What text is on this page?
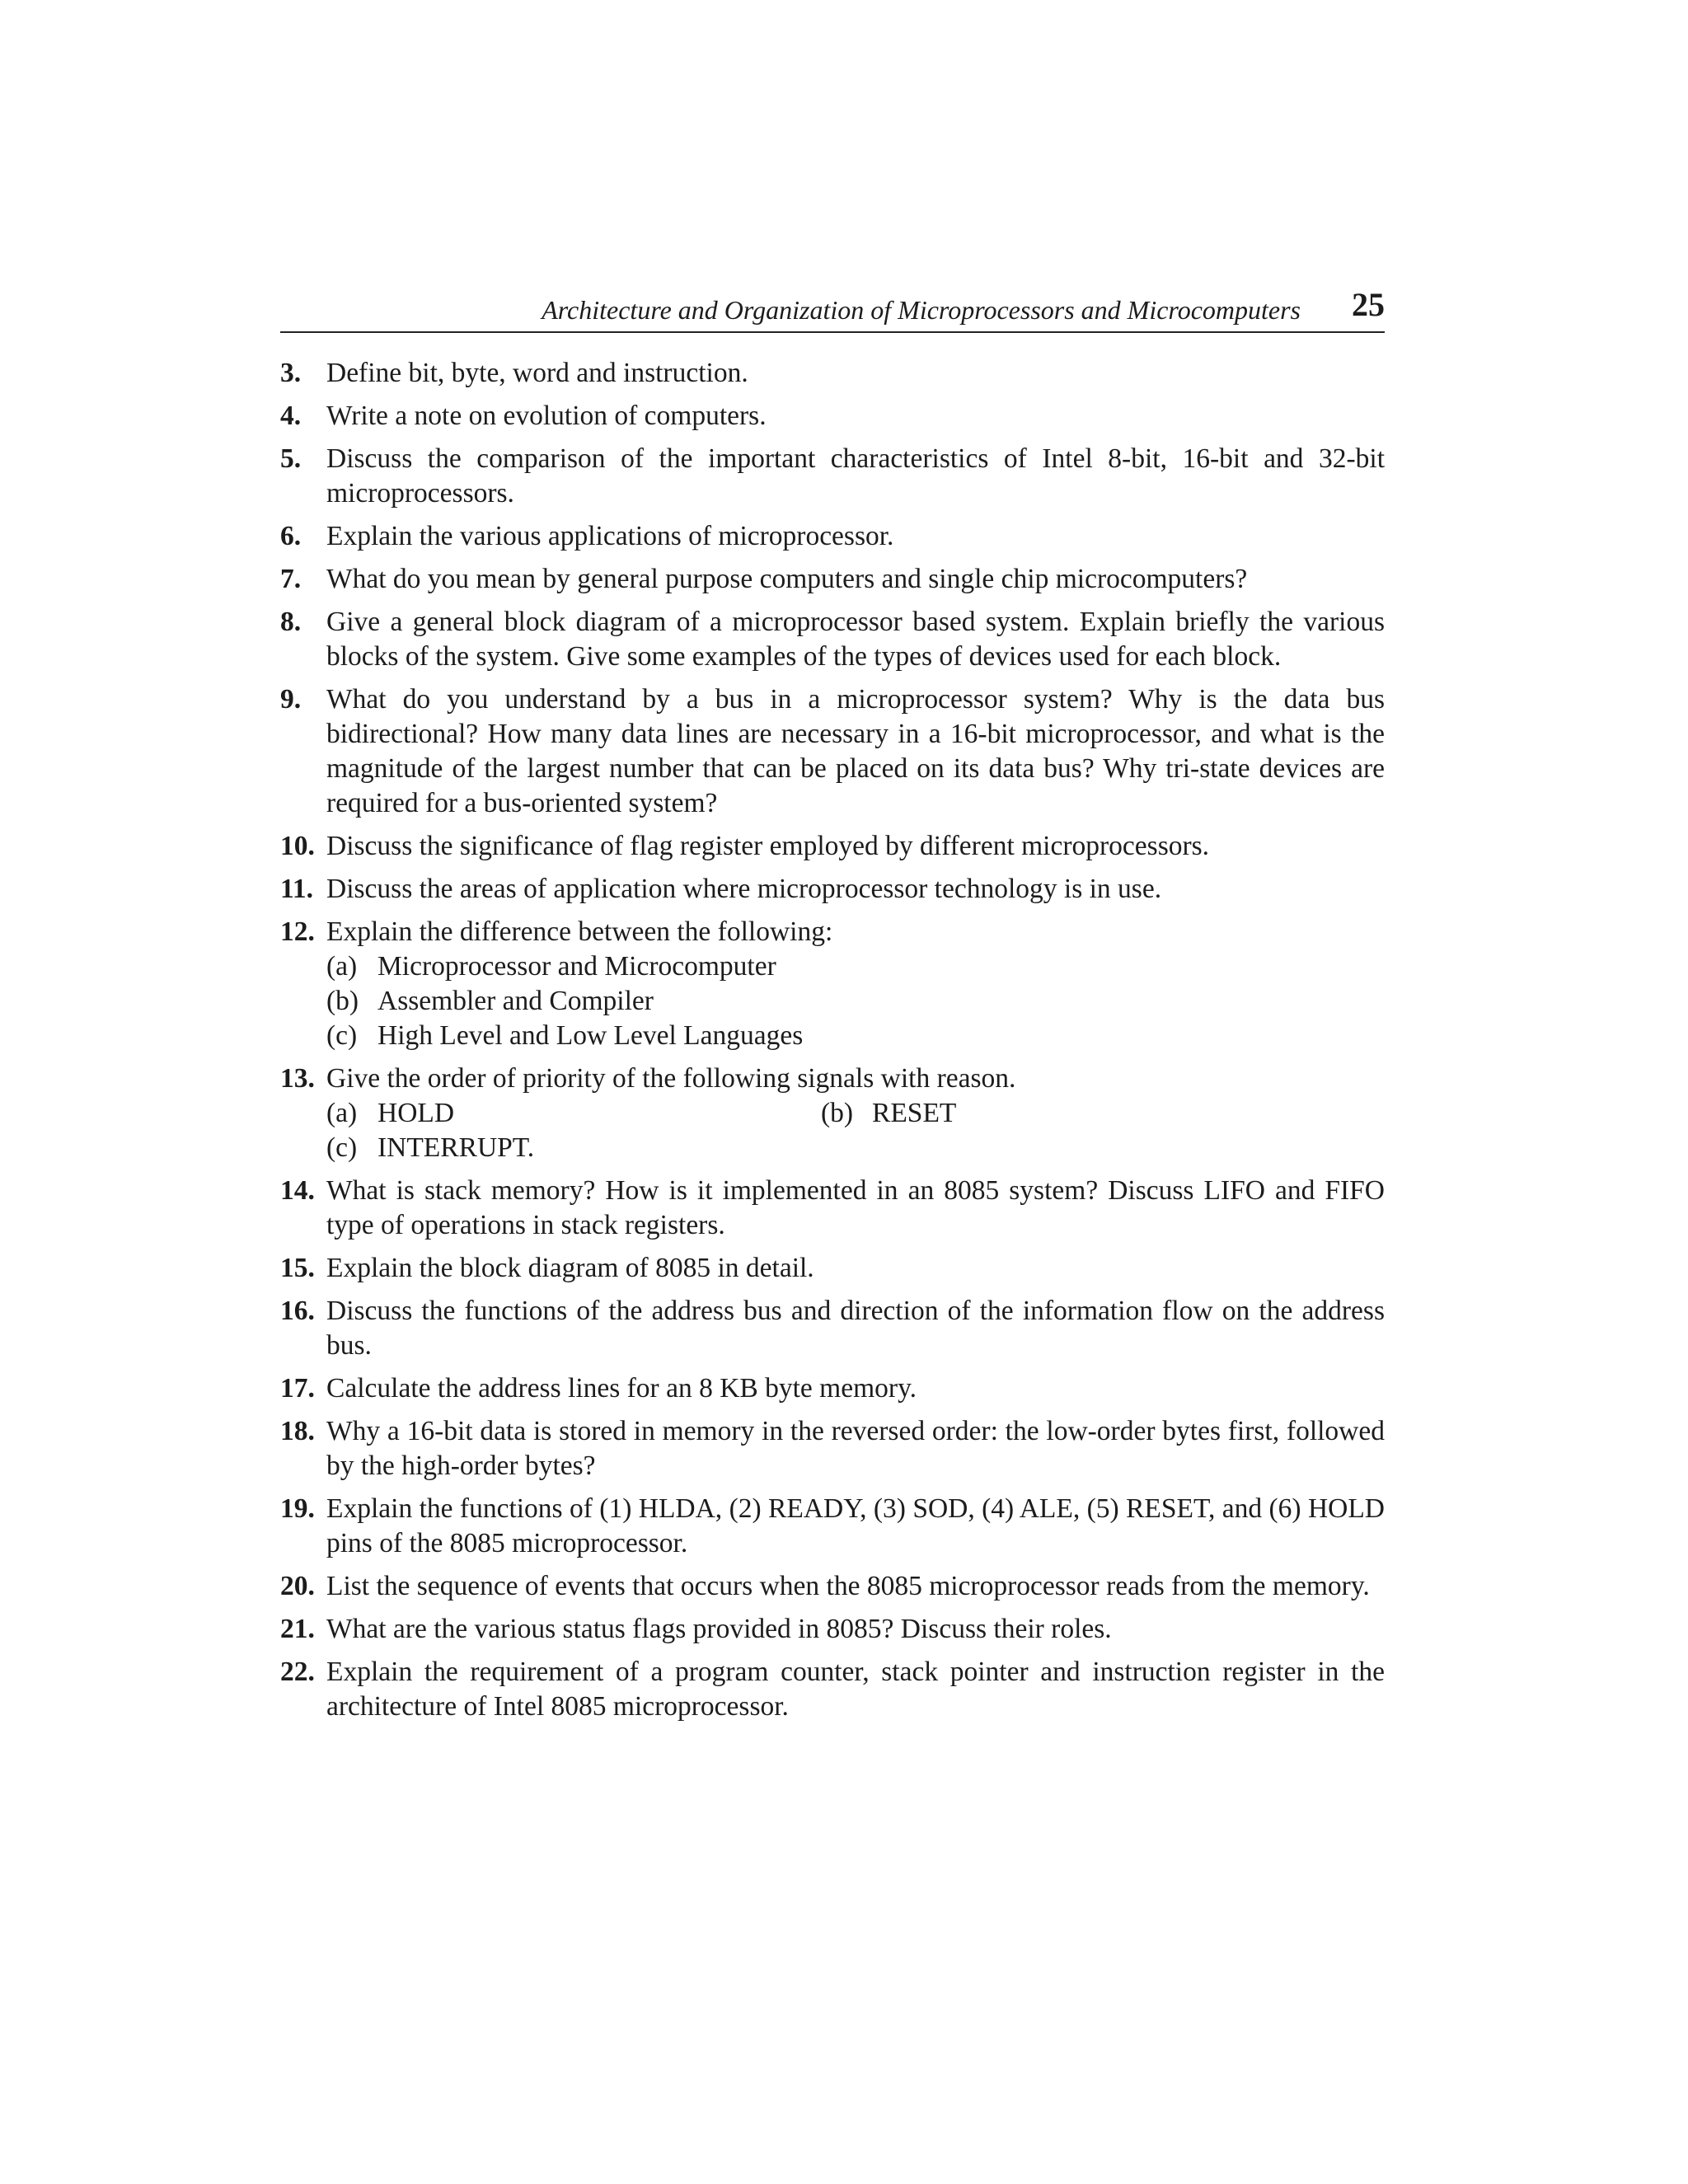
Architecture and Organization of Microprocessors and Microcomputers 25
3. Define bit, byte, word and instruction.
4. Write a note on evolution of computers.
5. Discuss the comparison of the important characteristics of Intel 8-bit, 16-bit and 32-bit microprocessors.
6. Explain the various applications of microprocessor.
7. What do you mean by general purpose computers and single chip microcomputers?
8. Give a general block diagram of a microprocessor based system. Explain briefly the various blocks of the system. Give some examples of the types of devices used for each block.
9. What do you understand by a bus in a microprocessor system? Why is the data bus bidirectional? How many data lines are necessary in a 16-bit microprocessor, and what is the magnitude of the largest number that can be placed on its data bus? Why tri-state devices are required for a bus-oriented system?
10. Discuss the significance of flag register employed by different microprocessors.
11. Discuss the areas of application where microprocessor technology is in use.
12. Explain the difference between the following:
(a) Microprocessor and Microcomputer
(b) Assembler and Compiler
(c) High Level and Low Level Languages
13. Give the order of priority of the following signals with reason.
(a) HOLD	(b) RESET
(c) INTERRUPT.
14. What is stack memory? How is it implemented in an 8085 system? Discuss LIFO and FIFO type of operations in stack registers.
15. Explain the block diagram of 8085 in detail.
16. Discuss the functions of the address bus and direction of the information flow on the address bus.
17. Calculate the address lines for an 8 KB byte memory.
18. Why a 16-bit data is stored in memory in the reversed order: the low-order bytes first, followed by the high-order bytes?
19. Explain the functions of (1) HLDA, (2) READY, (3) SOD, (4) ALE, (5) RESET, and (6) HOLD pins of the 8085 microprocessor.
20. List the sequence of events that occurs when the 8085 microprocessor reads from the memory.
21. What are the various status flags provided in 8085? Discuss their roles.
22. Explain the requirement of a program counter, stack pointer and instruction register in the architecture of Intel 8085 microprocessor.
